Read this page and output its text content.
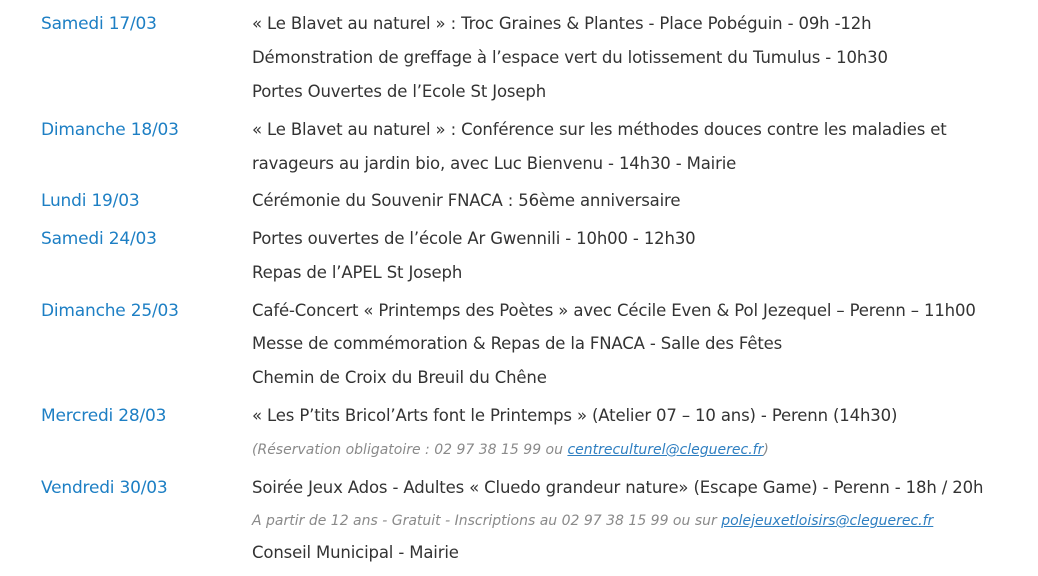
Samedi 17/03	« Le Blavet au naturel » : Troc Graines & Plantes - Place Pobéguin - 09h -12h
Démonstration de greffage à l’espace vert du lotissement du Tumulus - 10h30
Portes Ouvertes de l’Ecole St Joseph
Dimanche 18/03	« Le Blavet au naturel » : Conférence sur les méthodes douces contre les maladies et
ravageurs au jardin bio, avec Luc Bienvenu - 14h30 - Mairie
Lundi 19/03	Cérémonie du Souvenir FNACA : 56ème anniversaire
Samedi 24/03	Portes ouvertes de l’école Ar Gwennili - 10h00 - 12h30
Repas de l’APEL St Joseph
Dimanche 25/03	Café-Concert « Printemps des Poètes » avec Cécile Even & Pol Jezequel – Perenn – 11h00
Messe de commémoration & Repas de la FNACA - Salle des Fêtes
Chemin de Croix du Breuil du Chêne
Mercredi 28/03	« Les P’tits Bricol’Arts font le Printemps » (Atelier 07 – 10 ans) - Perenn (14h30)
(Réservation obligatoire : 02 97 38 15 99 ou centreculturel@cleguerec.fr)
Vendredi 30/03	Soirée Jeux Ados - Adultes « Cluedo grandeur nature» (Escape Game) - Perenn - 18h / 20h
A partir de 12 ans - Gratuit - Inscriptions au 02 97 38 15 99 ou sur polejeuxetloisirs@cleguerec.fr
Conseil Municipal - Mairie
